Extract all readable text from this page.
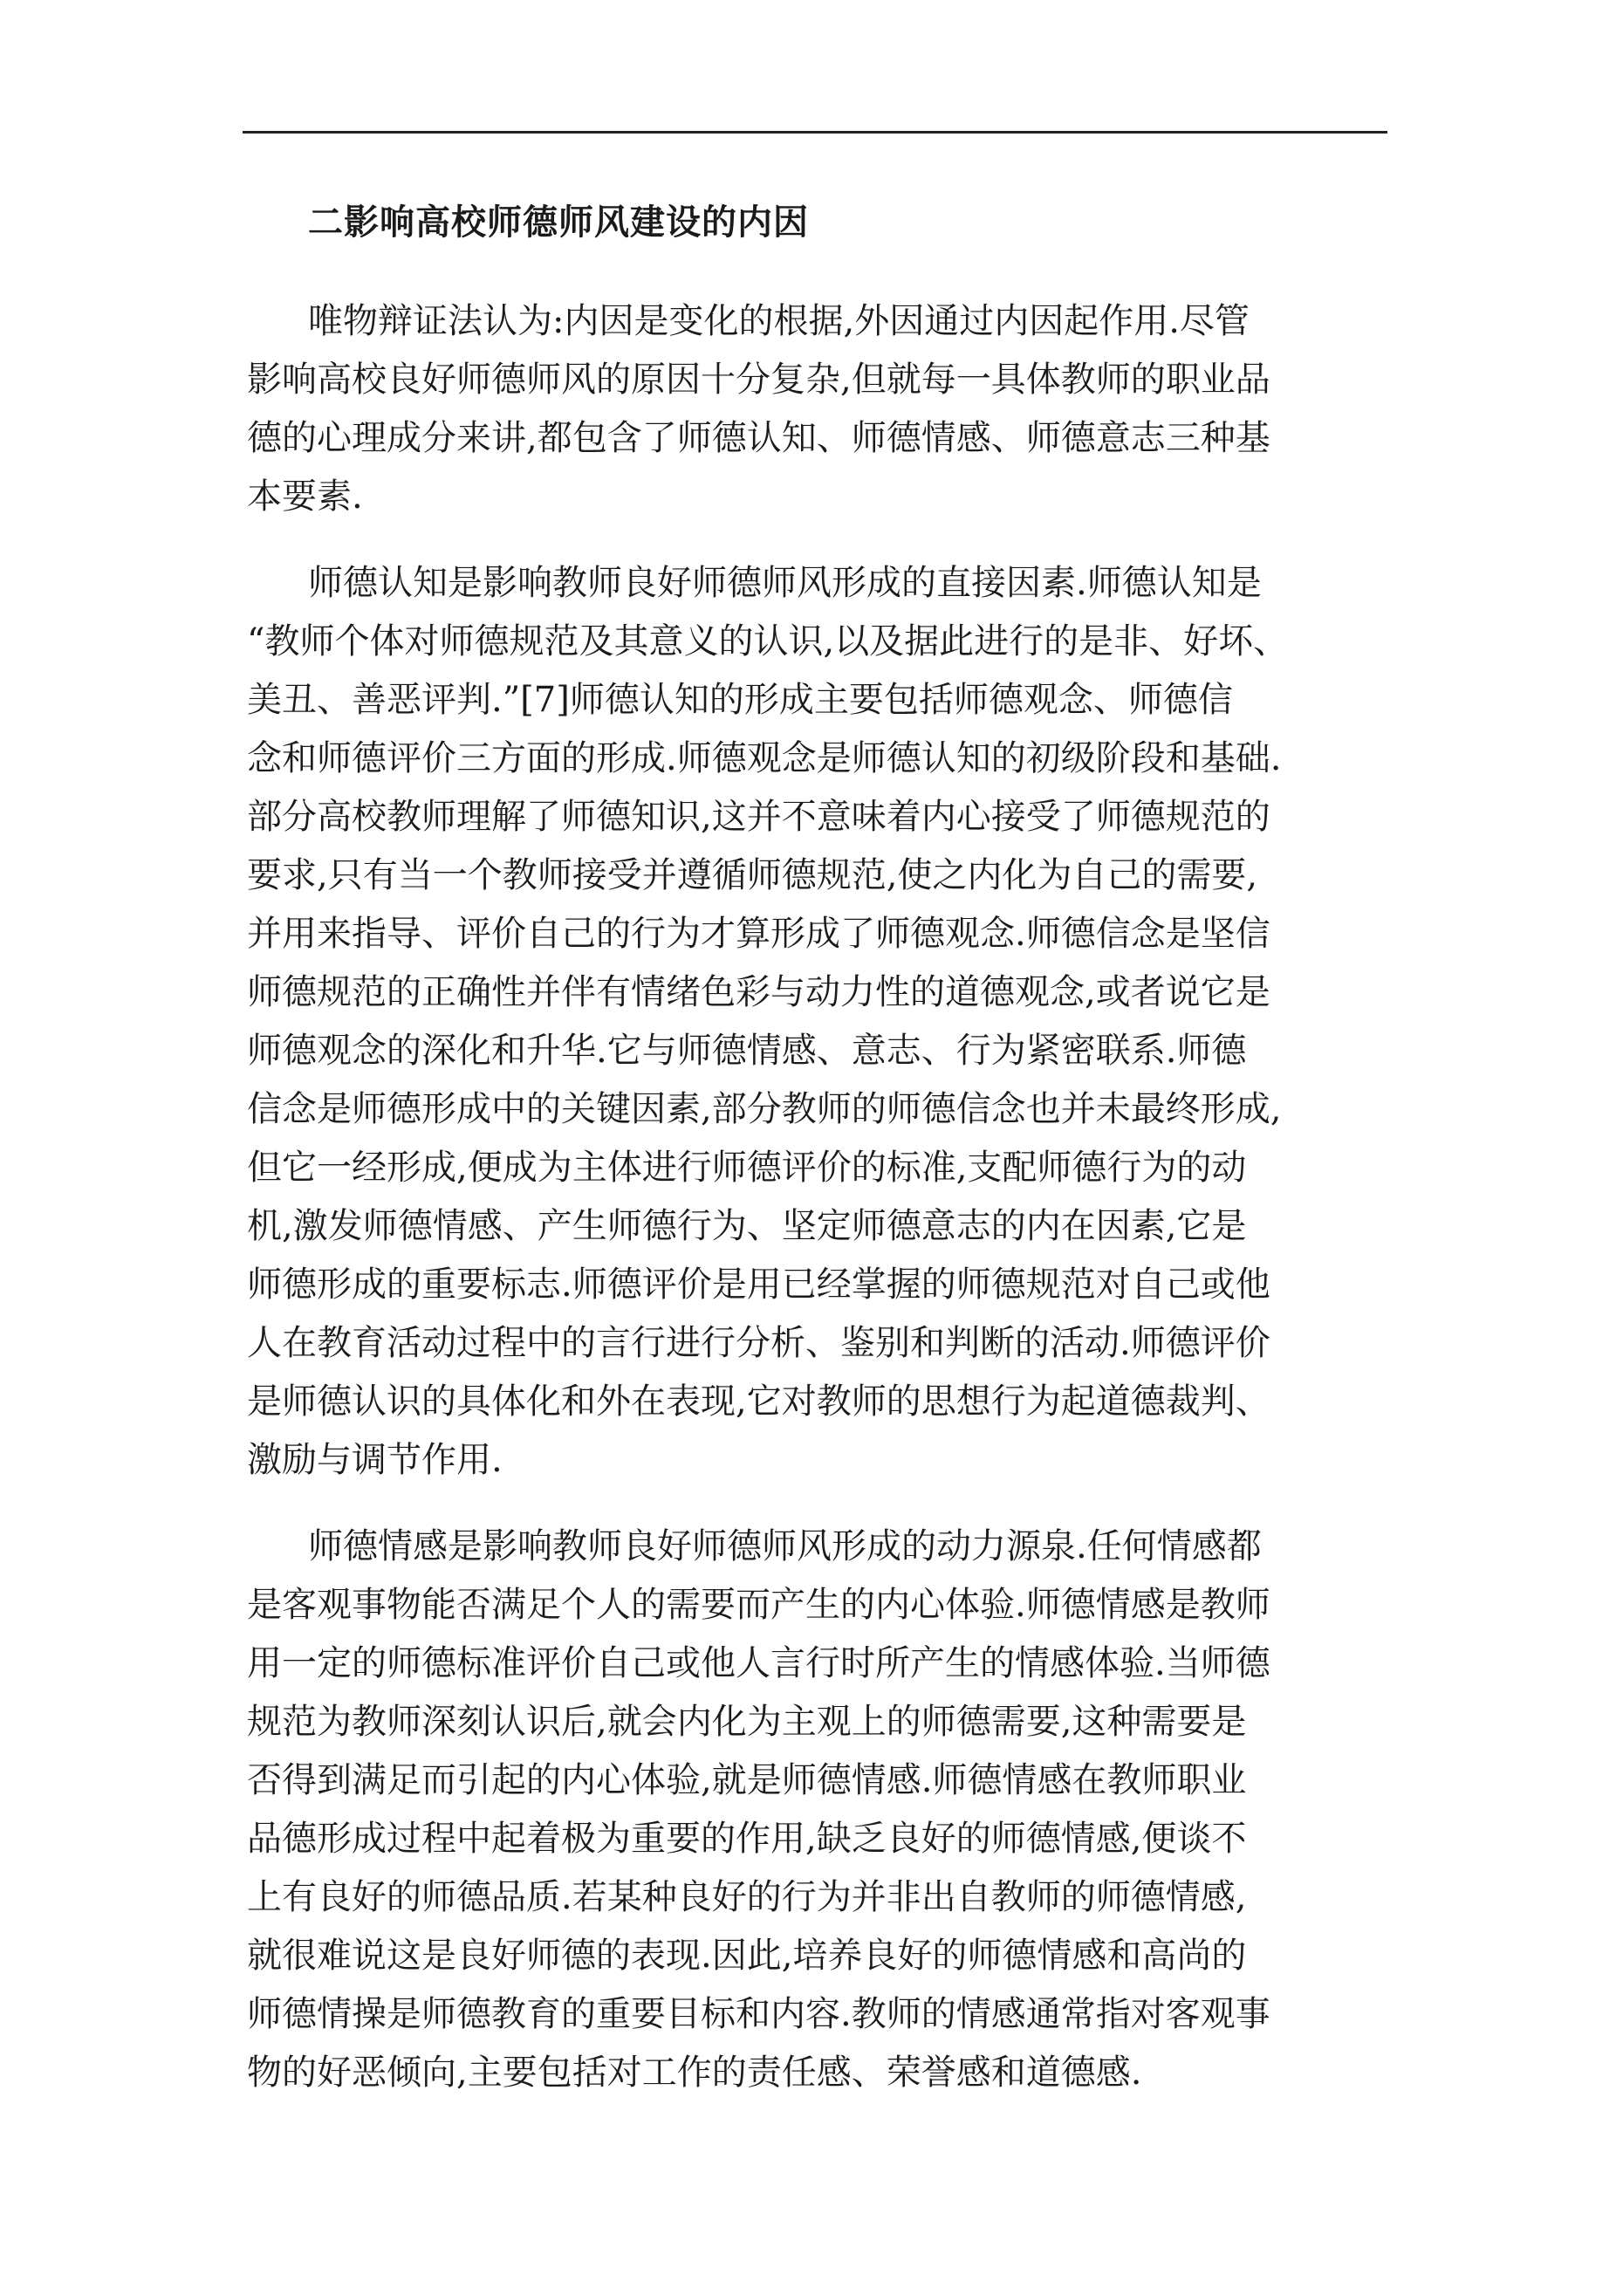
二影响高校师德师风建设的内因
唯物辩证法认为:内因是变化的根据,外因通过内因起作用.尽管
影响高校良好师德师风的原因十分复杂,但就每一具体教师的职业品
德的心理成分来讲,都包含了师德认知、师德情感、师德意志三种基
本要素.
师德认知是影响教师良好师德师风形成的直接因素.师德认知是
“教师个体对师德规范及其意义的认识,以及据此进行的是非、好坏、
美丑、善恶评判.”[7]师德认知的形成主要包括师德观念、师德信
念和师德评价三方面的形成.师德观念是师德认知的初级阶段和基础.
部分高校教师理解了师德知识,这并不意味着内心接受了师德规范的
要求,只有当一个教师接受并遵循师德规范,使之内化为自己的需要,
并用来指导、评价自己的行为才算形成了师德观念.师德信念是坚信
师德规范的正确性并伴有情绪色彩与动力性的道德观念,或者说它是
师德观念的深化和升华.它与师德情感、意志、行为紧密联系.师德
信念是师德形成中的关键因素,部分教师的师德信念也并未最终形成,
但它一经形成,便成为主体进行师德评价的标准,支配师德行为的动
机,激发师德情感、产生师德行为、坚定师德意志的内在因素,它是
师德形成的重要标志.师德评价是用已经掌握的师德规范对自己或他
人在教育活动过程中的言行进行分析、鉴别和判断的活动.师德评价
是师德认识的具体化和外在表现,它对教师的思想行为起道德裁判、
激励与调节作用.
师德情感是影响教师良好师德师风形成的动力源泉.任何情感都
是客观事物能否满足个人的需要而产生的内心体验.师德情感是教师
用一定的师德标准评价自己或他人言行时所产生的情感体验.当师德
规范为教师深刻认识后,就会内化为主观上的师德需要,这种需要是
否得到满足而引起的内心体验,就是师德情感.师德情感在教师职业
品德形成过程中起着极为重要的作用,缺乏良好的师德情感,便谈不
上有良好的师德品质.若某种良好的行为并非出自教师的师德情感,
就很难说这是良好师德的表现.因此,培养良好的师德情感和高尚的
师德情操是师德教育的重要目标和内容.教师的情感通常指对客观事
物的好恶倾向,主要包括对工作的责任感、荣誉感和道德感.
